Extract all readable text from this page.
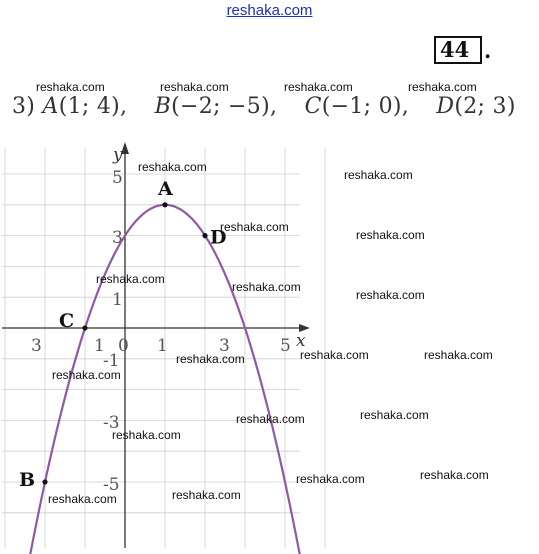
reshaka.com
44 .
3) A(1; 4), B(−2; −5), C(−1; 0), D(2; 3)
x
y
3	1 0 1	3	5
5
3
1
-1
-3
-5
A
B
C
D
reshaka.com	reshaka.com	reshaka.com	reshaka.com
reshaka.com
reshaka.com
reshaka.com
reshaka.com
reshaka.com
reshaka.com
reshaka.com
reshaka.com
reshaka.com	reshaka.com
reshaka.com
reshaka.com
reshaka.com
reshaka.com
reshaka.com
reshaka.com
reshaka.com	reshaka.com
